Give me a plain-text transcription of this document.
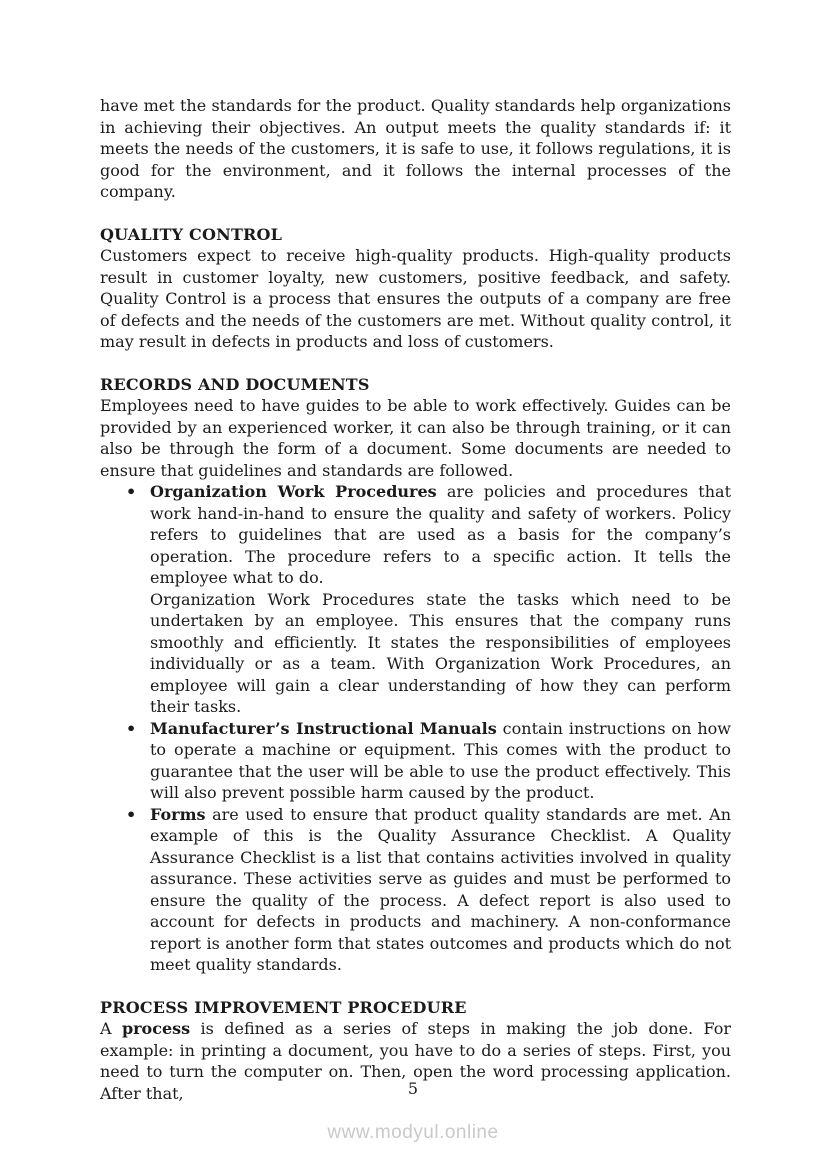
have met the standards for the product. Quality standards help organizations in achieving their objectives. An output meets the quality standards if: it meets the needs of the customers, it is safe to use, it follows regulations, it is good for the environment, and it follows the internal processes of the company.

QUALITY CONTROL

Customers expect to receive high-quality products. High-quality products result in customer loyalty, new customers, positive feedback, and safety. Quality Control is a process that ensures the outputs of a company are free of defects and the needs of the customers are met. Without quality control, it may result in defects in products and loss of customers.

RECORDS AND DOCUMENTS

Employees need to have guides to be able to work effectively. Guides can be provided by an experienced worker, it can also be through training, or it can also be through the form of a document. Some documents are needed to ensure that guidelines and standards are followed.

• Organization Work Procedures are policies and procedures that work hand-in-hand to ensure the quality and safety of workers. Policy refers to guidelines that are used as a basis for the company’s operation. The procedure refers to a specific action. It tells the employee what to do.

Organization Work Procedures state the tasks which need to be undertaken by an employee. This ensures that the company runs smoothly and efficiently. It states the responsibilities of employees individually or as a team. With Organization Work Procedures, an employee will gain a clear understanding of how they can perform their tasks.

• Manufacturer’s Instructional Manuals contain instructions on how to operate a machine or equipment. This comes with the product to guarantee that the user will be able to use the product effectively. This will also prevent possible harm caused by the product.

• Forms are used to ensure that product quality standards are met. An example of this is the Quality Assurance Checklist. A Quality Assurance Checklist is a list that contains activities involved in quality assurance. These activities serve as guides and must be performed to ensure the quality of the process. A defect report is also used to account for defects in products and machinery. A non-conformance report is another form that states outcomes and products which do not meet quality standards.

PROCESS IMPROVEMENT PROCEDURE

A process is defined as a series of steps in making the job done. For example: in printing a document, you have to do a series of steps. First, you need to turn the computer on. Then, open the word processing application. After that,	5
www.modyul.online
